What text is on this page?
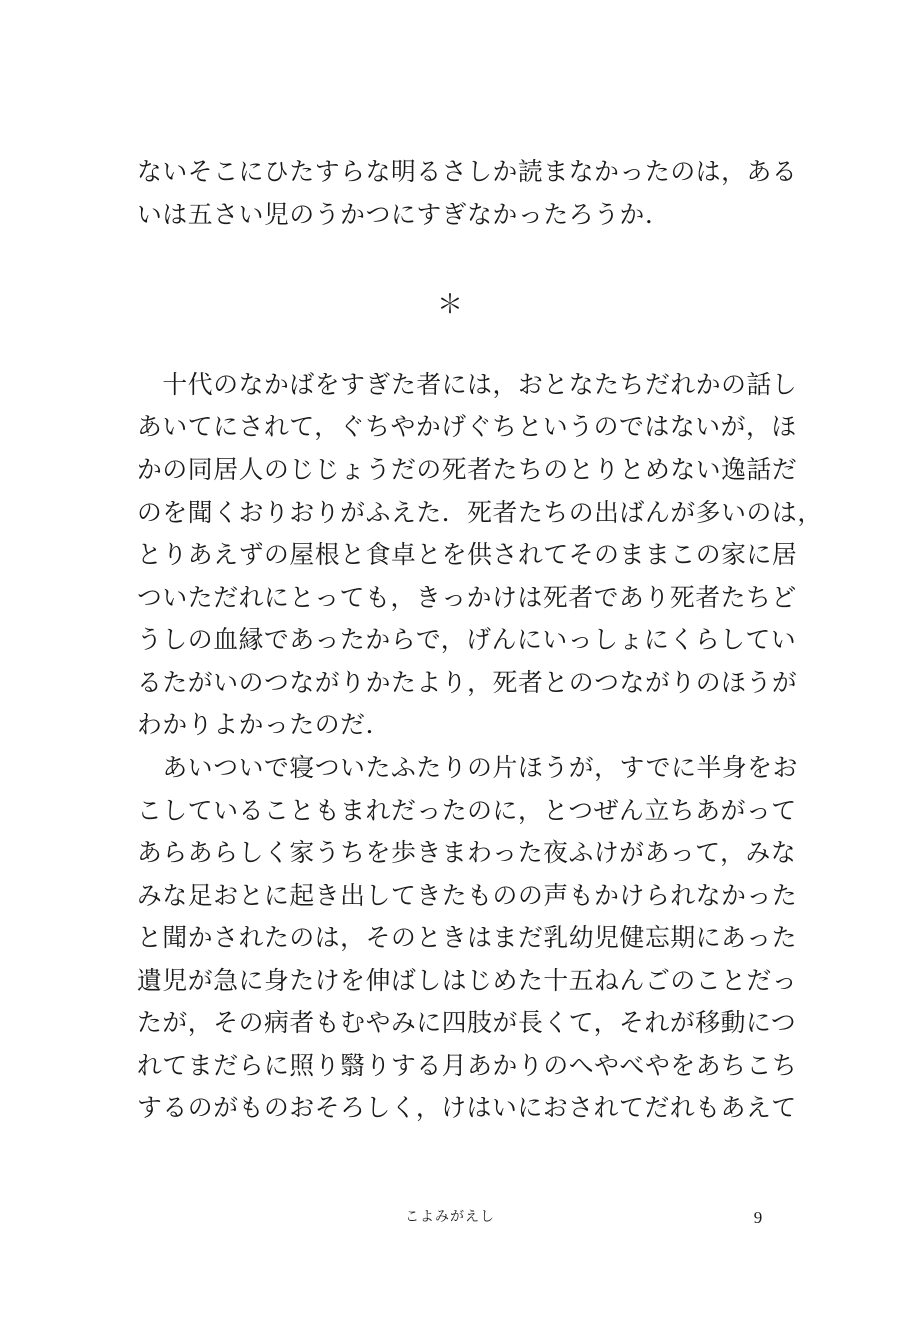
ないそこにひたすらな明るさしか読まなかったのは，ある
いは五さい児のうかつにすぎなかったろうか．
＊
　十代のなかばをすぎた者には，おとなたちだれかの話し
あいてにされて，ぐちやかげぐちというのではないが，ほ
かの同居人のじじょうだの死者たちのとりとめない逸話だ
のを聞くおりおりがふえた．死者たちの出ばんが多いのは，
とりあえずの屋根と食卓とを供されてそのままこの家に居
ついただれにとっても，きっかけは死者であり死者たちど
うしの血縁であったからで，げんにいっしょにくらしてい
るたがいのつながりかたより，死者とのつながりのほうが
わかりよかったのだ．
　あいついで寝ついたふたりの片ほうが，すでに半身をお
こしていることもまれだったのに，とつぜん立ちあがって
あらあらしく家うちを歩きまわった夜ふけがあって，みな
みな足おとに起き出してきたものの声もかけられなかった
と聞かされたのは，そのときはまだ乳幼児健忘期にあった
遺児が急に身たけを伸ばしはじめた十五ねんごのことだっ
たが，その病者もむやみに四肢が長くて，それが移動につ
れてまだらに照り翳りする月あかりのへやべやをあちこち
するのがものおそろしく，けはいにおされてだれもあえて
こよみがえし	9
